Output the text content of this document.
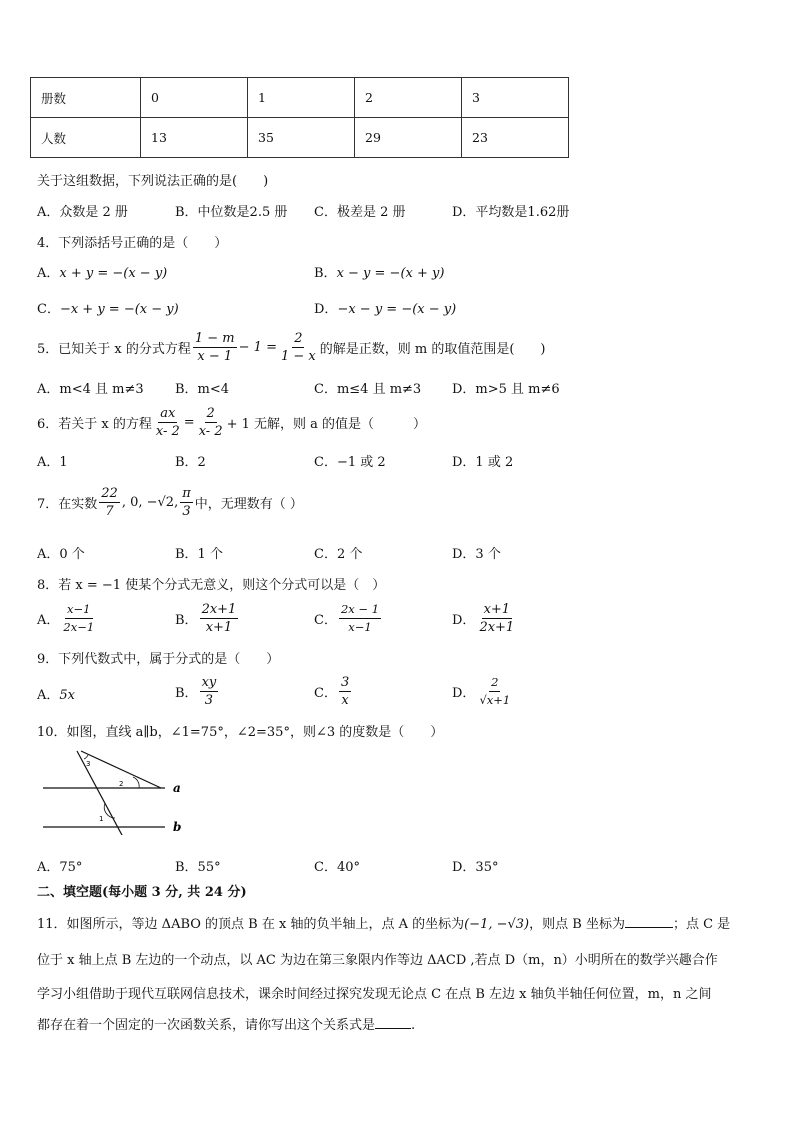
册数	0	1	2	3
人数	13	35	29	23
关于这组数据，下列说法正确的是(　　)
A．众数是 2 册	B．中位数是2.5 册 C．极差是 2 册	D．平均数是1.62册
4．下列添括号正确的是（　　）
A．x + y = −(x − y)	B．x − y = −(x + y)
C．−x + y = −(x − y)	D．−x − y = −(x − y)
5．已知关于 x 的分式方程 $\frac{1 - m}{x - 1} - 1 = \frac{2}{1 - x}$ 的解是正数，则 m 的取值范围是(　　)
A．m<4 且 m≠3 B．m<4	C．m≤4 且 m≠3 D．m>5 且 m≠6
6．若关于 x 的方程 $\frac{ax}{x- 2} = \frac{2}{x- 2} + 1$ 无解，则 a 的值是（　　　）
A．1	B．2	C．−1 或 2	D．1 或 2
7．在实数 $\frac{22}{7}$ , 0, −√2, $\frac{\pi}{3}$ 中，无理数有（ ）
A．0 个	B．1 个	C．2 个	D．3 个
8．若 x = −1 使某个分式无意义，则这个分式可以是（　）
A． $\frac{x-1}{2x-1}$	B． $\frac{2x+1}{x+1}$	C． $\frac{2x - 1}{x-1}$	D． $\frac{x+1}{2x+1}$
9．下列代数式中，属于分式的是（　　）
A．5x	B． $\frac{xy}{3}$	C． $\frac{3}{x}$	D． $\frac{2}{√x+1}$
10．如图，直线 a∥b，∠1=75°，∠2=35°，则∠3 的度数是（　　）
a
b
1
2
3
A．75°	B．55°	C．40°	D．35°
二、填空题(每小题 3 分, 共 24 分)
11．如图所示，等边 ΔABO 的顶点 B 在 x 轴的负半轴上，点 A 的坐标为(−1, −√3)，则点 B 坐标为	；点 C 是
位于 x 轴上点 B 左边的一个动点，以 AC 为边在第三象限内作等边 ΔACD ,若点 D（m，n）小明所在的数学兴趣合作
学习小组借助于现代互联网信息技术，课余时间经过探究发现无论点 C 在点 B 左边 x 轴负半轴任何位置，m，n 之间
都存在着一个固定的一次函数关系，请你写出这个关系式是	.
